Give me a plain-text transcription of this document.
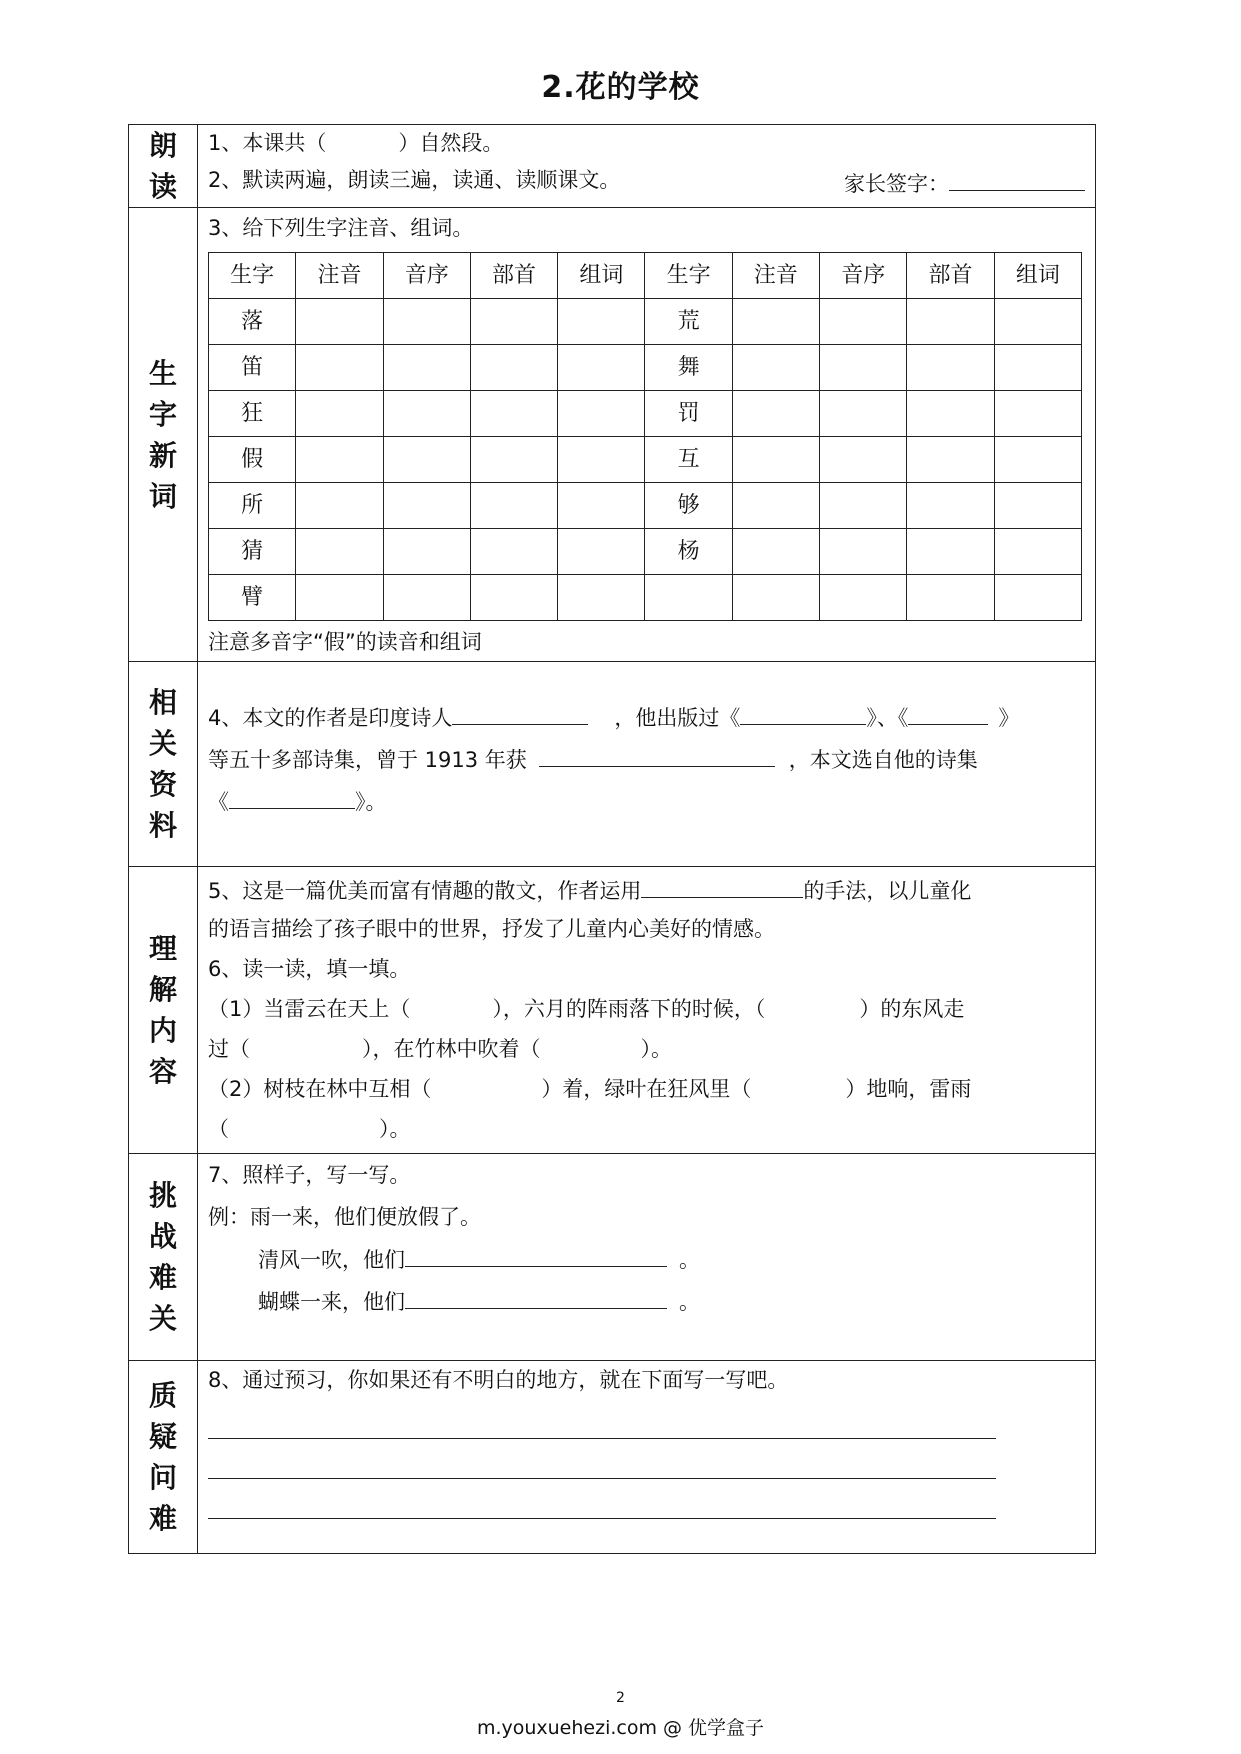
2.花的学校
朗
读

1、本课共（	）自然段。
2、默读两遍，朗读三遍，读通、读顺课文。	家长签字：

生
字
新
词

3、给下列生字注音、组词。
生字	注音	音序	部首	组词	生字	注音	音序	部首	组词
落					荒				
笛					舞				
狂					罚				
假					互				
所					够				
猜					杨				
臂									
注意多音字“假”的读音和组词

相
关
资
料

4、本文的作者是印度诗人	，他出版过《	》、《	》
等五十多部诗集，曾于 1913 年获	，本文选自他的诗集
《	》。

理
解
内
容

5、这是一篇优美而富有情趣的散文，作者运用	的手法，以儿童化
的语言描绘了孩子眼中的世界，抒发了儿童内心美好的情感。
6、读一读，填一填。
（1）当雷云在天上（	），六月的阵雨落下的时候，（	）的东风走
过（	），在竹林中吹着（	）。
（2）树枝在林中互相（	）着，绿叶在狂风里（	）地响，雷雨
（	）。

挑
战
难
关

7、照样子，写一写。
例：雨一来，他们便放假了。
清风一吹，他们	。
蝴蝶一来，他们	。

质
疑
问
难

8、通过预习，你如果还有不明白的地方，就在下面写一写吧。
2
m.youxuehezi.com @ 优学盒子
